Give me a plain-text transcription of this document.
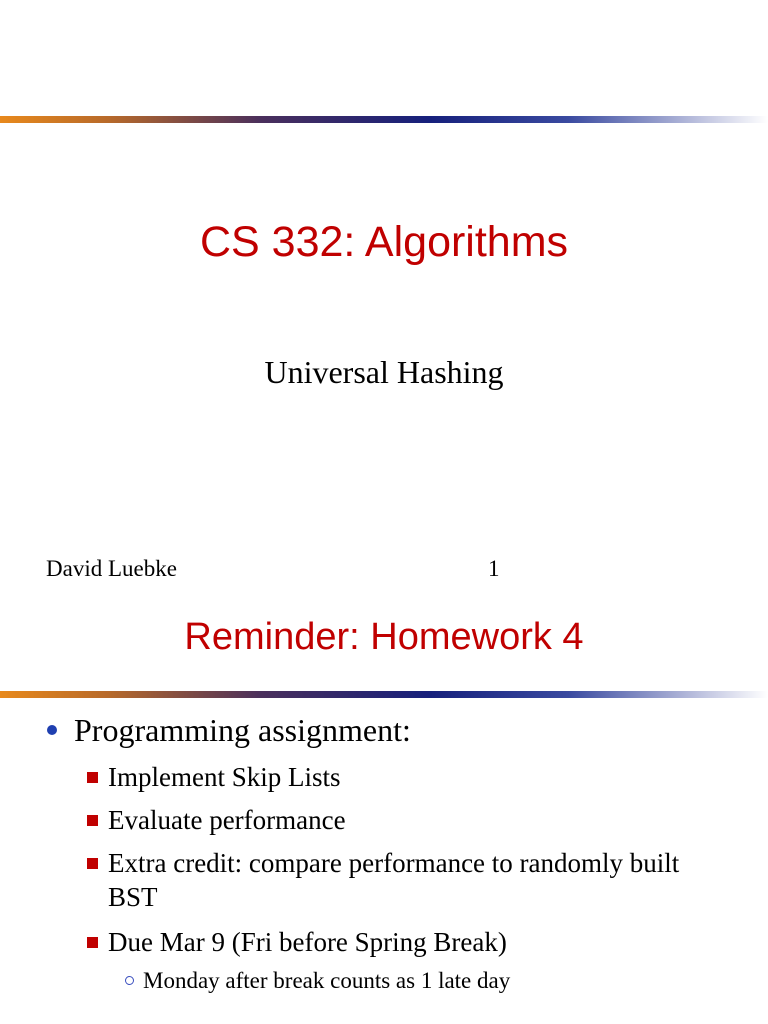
CS 332: Algorithms
Universal Hashing
David Luebke	1
Reminder: Homework 4
Programming assignment:
Implement Skip Lists
Evaluate performance
Extra credit: compare performance to randomly built BST
Due Mar 9 (Fri before Spring Break)
Monday after break counts as 1 late day
